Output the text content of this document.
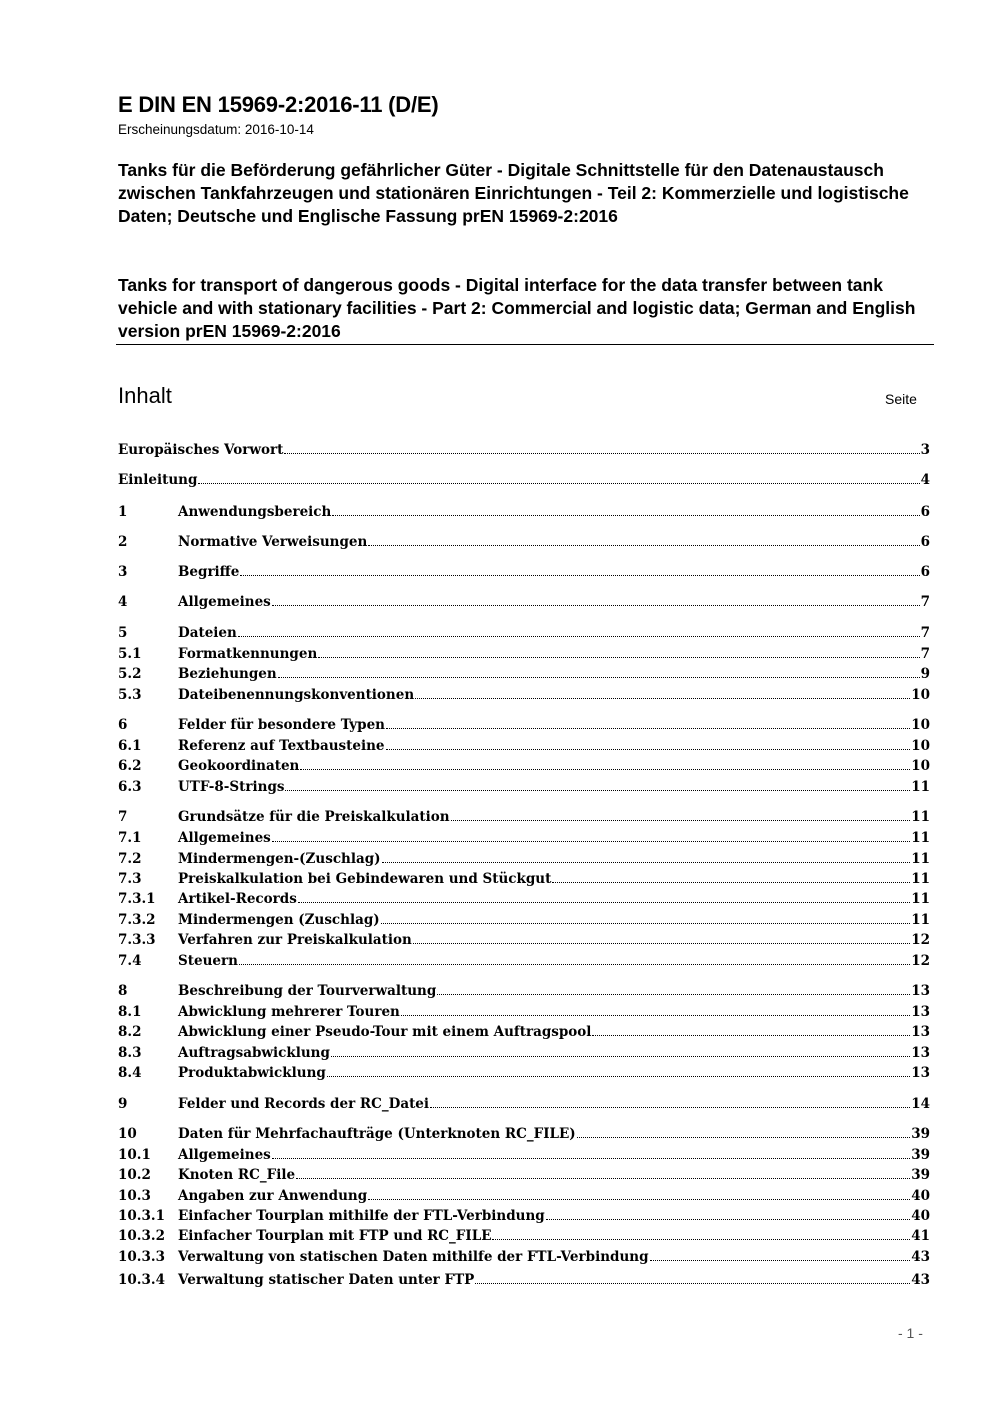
E DIN EN 15969-2:2016-11 (D/E)
Erscheinungsdatum: 2016-10-14

Tanks für die Beförderung gefährlicher Güter - Digitale Schnittstelle für den Datenaustausch zwischen Tankfahrzeugen und stationären Einrichtungen - Teil 2: Kommerzielle und logistische Daten; Deutsche und Englische Fassung prEN 15969-2:2016

Tanks for transport of dangerous goods - Digital interface for the data transfer between tank vehicle and with stationary facilities - Part 2: Commercial and logistic data; German and English version prEN 15969-2:2016

Inhalt	Seite
Europäisches Vorwort	3
Einleitung	4
1	Anwendungsbereich	6
2	Normative Verweisungen	6
3	Begriffe	6
4	Allgemeines	7
5	Dateien	7
5.1	Formatkennungen	7
5.2	Beziehungen	9
5.3	Dateibenennungskonventionen	10
6	Felder für besondere Typen	10
6.1	Referenz auf Textbausteine	10
6.2	Geokoordinaten	10
6.3	UTF-8-Strings	11
7	Grundsätze für die Preiskalkulation	11
7.1	Allgemeines	11
7.2	Mindermengen-(Zuschlag)	11
7.3	Preiskalkulation bei Gebindewaren und Stückgut	11
7.3.1	Artikel-Records	11
7.3.2	Mindermengen (Zuschlag)	11
7.3.3	Verfahren zur Preiskalkulation	12
7.4	Steuern	12
8	Beschreibung der Tourverwaltung	13
8.1	Abwicklung mehrerer Touren	13
8.2	Abwicklung einer Pseudo-Tour mit einem Auftragspool	13
8.3	Auftragsabwicklung	13
8.4	Produktabwicklung	13
9	Felder und Records der RC_Datei	14
10	Daten für Mehrfachaufträge (Unterknoten RC_FILE)	39
10.1	Allgemeines	39
10.2	Knoten RC_File	39
10.3	Angaben zur Anwendung	40
10.3.1 Einfacher Tourplan mithilfe der FTL-Verbindung	40
10.3.2 Einfacher Tourplan mit FTP und RC_FILE	41
10.3.3 Verwaltung von statischen Daten mithilfe der FTL-Verbindung	43
10.3.4 Verwaltung statischer Daten unter FTP	43
- 1 -
